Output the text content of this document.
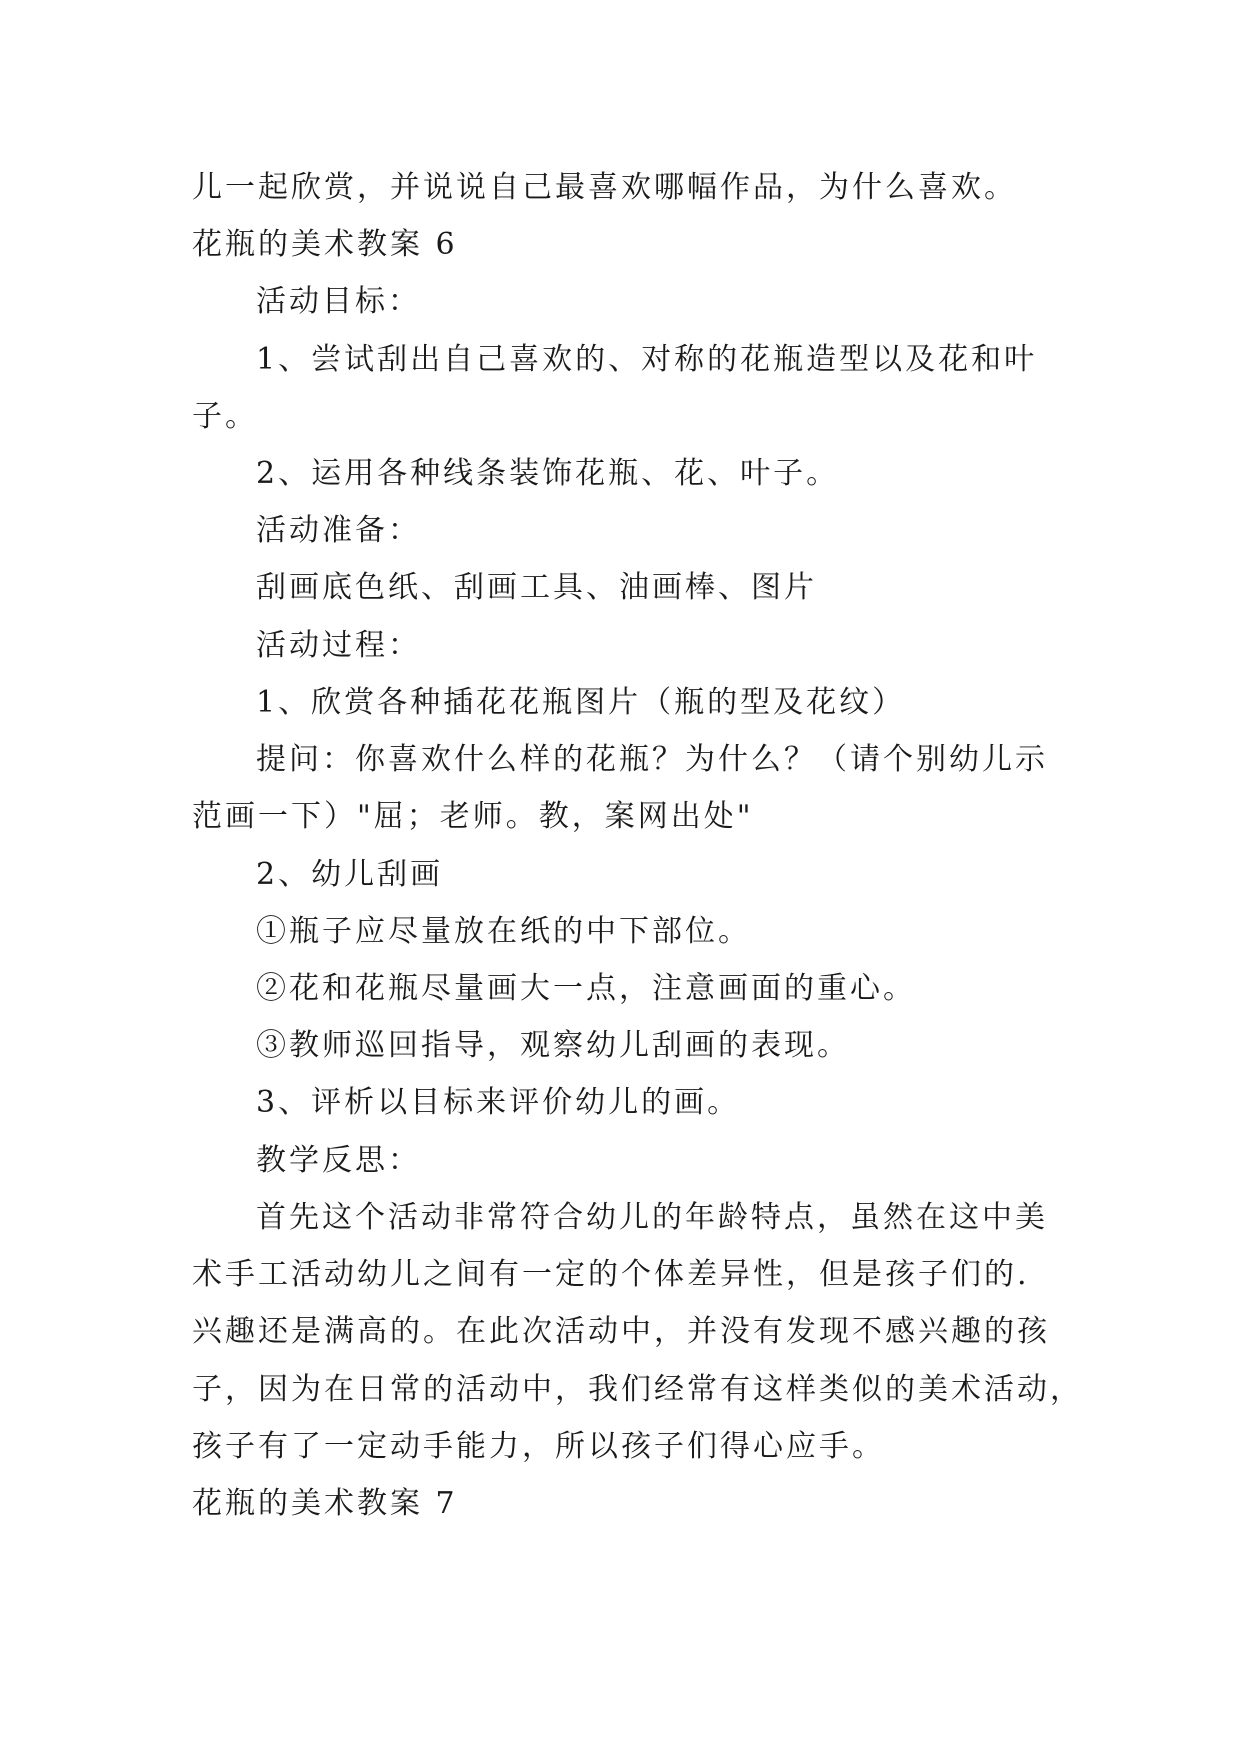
儿一起欣赏，并说说自己最喜欢哪幅作品，为什么喜欢。
花瓶的美术教案 6
活动目标：
1、尝试刮出自己喜欢的、对称的花瓶造型以及花和叶
子。
2、运用各种线条装饰花瓶、花、叶子。
活动准备：
刮画底色纸、刮画工具、油画棒、图片
活动过程：
1、欣赏各种插花花瓶图片（瓶的型及花纹）
提问：你喜欢什么样的花瓶？为什么？（请个别幼儿示
范画一下）"屈；老师。教，案网出处"
2、幼儿刮画
①瓶子应尽量放在纸的中下部位。
②花和花瓶尽量画大一点，注意画面的重心。
③教师巡回指导，观察幼儿刮画的表现。
3、评析以目标来评价幼儿的画。
教学反思：
首先这个活动非常符合幼儿的年龄特点，虽然在这中美
术手工活动幼儿之间有一定的个体差异性，但是孩子们的.
兴趣还是满高的。在此次活动中，并没有发现不感兴趣的孩
子，因为在日常的活动中，我们经常有这样类似的美术活动，
孩子有了一定动手能力，所以孩子们得心应手。
花瓶的美术教案 7
